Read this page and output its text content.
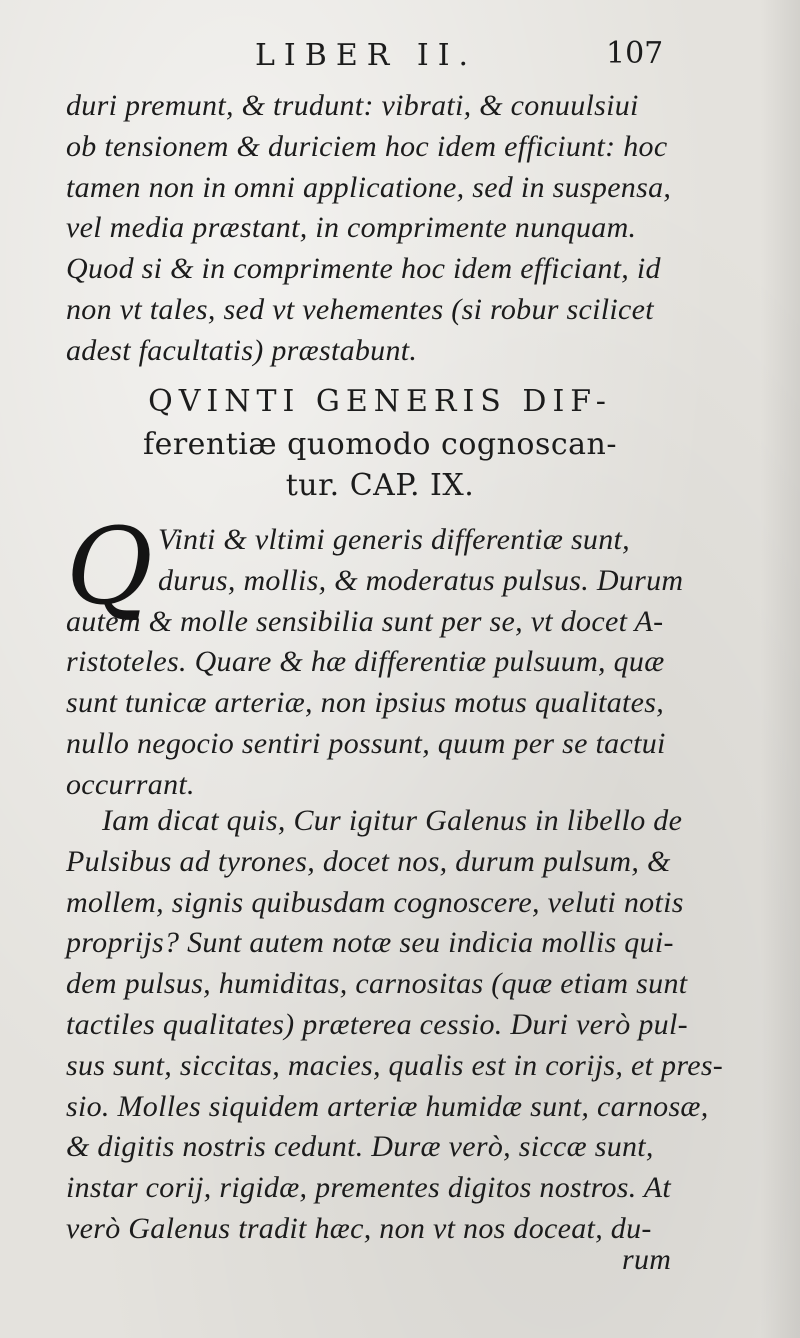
LIBER II.	107
duri premunt, & trudunt: vibrati, & conuulsiui
ob tensionem & duriciem hoc idem efficiunt: hoc
tamen non in omni applicatione, sed in suspensa,
vel media præstant, in comprimente nunquam.
Quod si & in comprimente hoc idem efficiant, id
non vt tales, sed vt vehementes (si robur scilicet
adest facultatis) præstabunt.
QVINTI GENERIS DIF-
ferentiæ quomodo cognoscan-
tur. CAP. IX.
Q Vinti & vltimi generis differentiæ sunt,
durus, mollis, & moderatus pulsus. Durum
autem & molle sensibilia sunt per se, vt docet A-
ristoteles. Quare & hæ differentiæ pulsuum, quæ
sunt tunicæ arteriæ, non ipsius motus qualitates,
nullo negocio sentiri possunt, quum per se tactui
occurrant.
Iam dicat quis, Cur igitur Galenus in libello de
Pulsibus ad tyrones, docet nos, durum pulsum, &
mollem, signis quibusdam cognoscere, veluti notis
proprijs? Sunt autem notæ seu indicia mollis qui-
dem pulsus, humiditas, carnositas (quæ etiam sunt
tactiles qualitates) præterea cessio. Duri verò pul-
sus sunt, siccitas, macies, qualis est in corijs, et pres-
sio. Molles siquidem arteriæ humidæ sunt, carnosæ,
& digitis nostris cedunt. Duræ verò, siccæ sunt,
instar corij, rigidæ, prementes digitos nostros. At
verò Galenus tradit hæc, non vt nos doceat, du-
rum
